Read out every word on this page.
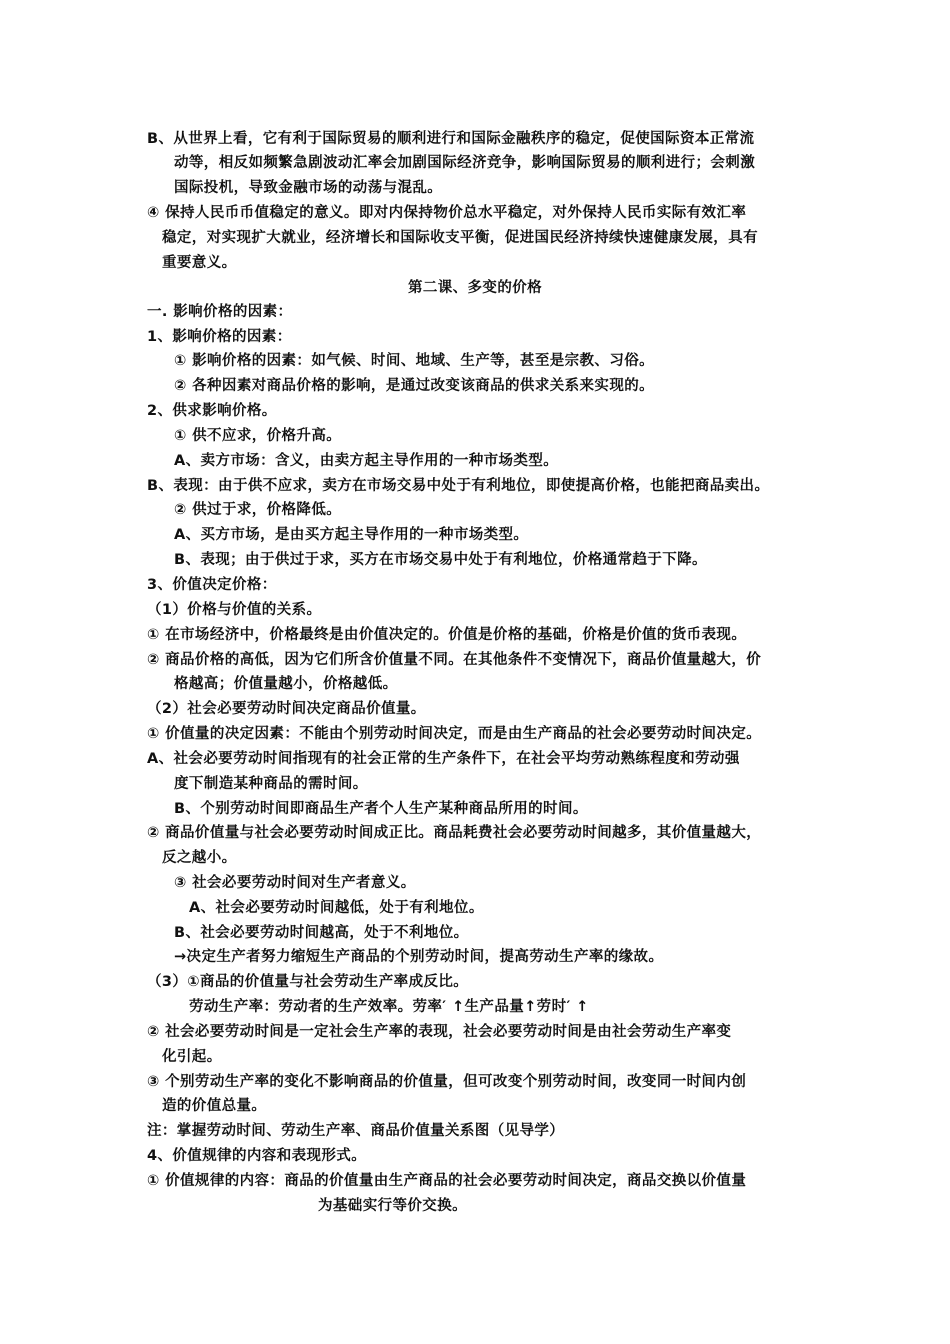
B、从世界上看，它有利于国际贸易的顺利进行和国际金融秩序的稳定，促使国际资本正常流
动等，相反如频繁急剧波动汇率会加剧国际经济竞争，影响国际贸易的顺利进行；会刺激
国际投机，导致金融市场的动荡与混乱。
④ 保持人民币币值稳定的意义。即对内保持物价总水平稳定，对外保持人民币实际有效汇率
稳定，对实现扩大就业，经济增长和国际收支平衡，促进国民经济持续快速健康发展，具有
重要意义。
第二课、多变的价格
一. 影响价格的因素：
1、影响价格的因素：
① 影响价格的因素：如气候、时间、地域、生产等，甚至是宗教、习俗。
② 各种因素对商品价格的影响，是通过改变该商品的供求关系来实现的。
2、供求影响价格。
① 供不应求，价格升高。
A、卖方市场：含义，由卖方起主导作用的一种市场类型。
B、表现：由于供不应求，卖方在市场交易中处于有利地位，即使提高价格，也能把商品卖出。
② 供过于求，价格降低。
A、买方市场，是由买方起主导作用的一种市场类型。
B、表现；由于供过于求，买方在市场交易中处于有利地位，价格通常趋于下降。
3、价值决定价格：
（1）价格与价值的关系。
① 在市场经济中，价格最终是由价值决定的。价值是价格的基础，价格是价值的货币表现。
② 商品价格的高低，因为它们所含价值量不同。在其他条件不变情况下，商品价值量越大，价
格越高；价值量越小，价格越低。
（2）社会必要劳动时间决定商品价值量。
① 价值量的决定因素：不能由个别劳动时间决定，而是由生产商品的社会必要劳动时间决定。
A、社会必要劳动时间指现有的社会正常的生产条件下，在社会平均劳动熟练程度和劳动强
度下制造某种商品的需时间。
B、个别劳动时间即商品生产者个人生产某种商品所用的时间。
② 商品价值量与社会必要劳动时间成正比。商品耗费社会必要劳动时间越多，其价值量越大，
反之越小。
③ 社会必要劳动时间对生产者意义。
A、社会必要劳动时间越低，处于有利地位。
B、社会必要劳动时间越高，处于不利地位。
→决定生产者努力缩短生产商品的个别劳动时间，提高劳动生产率的缘故。
（3）①商品的价值量与社会劳动生产率成反比。
劳动生产率：劳动者的生产效率。劳率′ ↑生产品量↑劳时′ ↑
② 社会必要劳动时间是一定社会生产率的表现，社会必要劳动时间是由社会劳动生产率变
化引起。
③ 个别劳动生产率的变化不影响商品的价值量，但可改变个别劳动时间，改变同一时间内创
造的价值总量。
注：掌握劳动时间、劳动生产率、商品价值量关系图（见导学）
4、价值规律的内容和表现形式。
① 价值规律的内容：商品的价值量由生产商品的社会必要劳动时间决定，商品交换以价值量
为基础实行等价交换。
